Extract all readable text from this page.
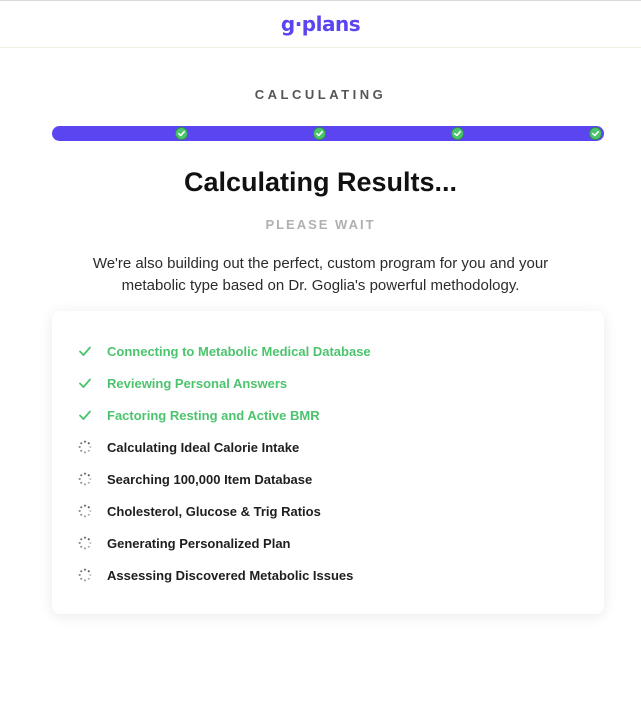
g·plans
CALCULATING
Calculating Results...
PLEASE WAIT
We're also building out the perfect, custom program for you and your metabolic type based on Dr. Goglia's powerful methodology.
Connecting to Metabolic Medical Database
Reviewing Personal Answers
Factoring Resting and Active BMR
Calculating Ideal Calorie Intake
Searching 100,000 Item Database
Cholesterol, Glucose & Trig Ratios
Generating Personalized Plan
Assessing Discovered Metabolic Issues
